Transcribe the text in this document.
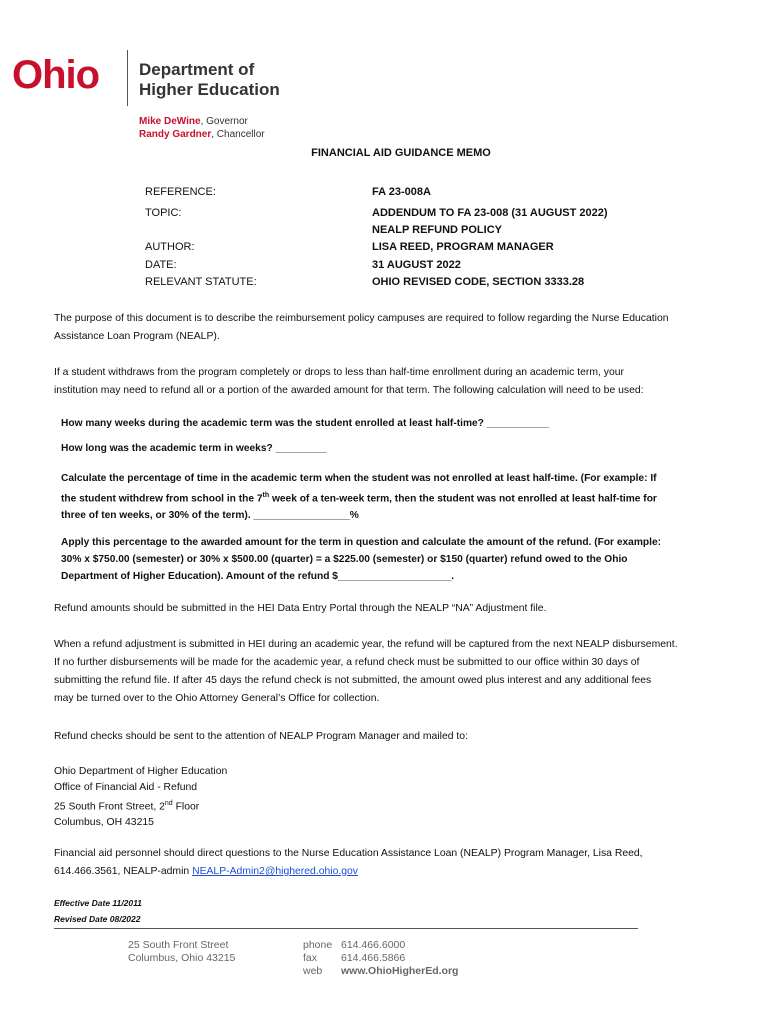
Ohio Department of
Higher Education
Mike DeWine, Governor
Randy Gardner, Chancellor
FINANCIAL AID GUIDANCE MEMO
REFERENCE:	FA 23-008A
TOPIC:	ADDENDUM TO FA 23-008 (31 AUGUST 2022)
NEALP REFUND POLICY
AUTHOR:	LISA REED, PROGRAM MANAGER
DATE:	31 AUGUST 2022
RELEVANT STATUTE:	OHIO REVISED CODE, SECTION 3333.28
The purpose of this document is to describe the reimbursement policy campuses are required to follow regarding the Nurse Education
Assistance Loan Program (NEALP).
If a student withdraws from the program completely or drops to less than half-time enrollment during an academic term, your
institution may need to refund all or a portion of the awarded amount for that term. The following calculation will need to be used:
How many weeks during the academic term was the student enrolled at least half-time? ___________
How long was the academic term in weeks? _________
Calculate the percentage of time in the academic term when the student was not enrolled at least half-time. (For example: If
the student withdrew from school in the 7th week of a ten-week term, then the student was not enrolled at least half-time for
three of ten weeks, or 30% of the term). _________________%
Apply this percentage to the awarded amount for the term in question and calculate the amount of the refund. (For example:
30% x $750.00 (semester) or 30% x $500.00 (quarter) = a $225.00 (semester) or $150 (quarter) refund owed to the Ohio
Department of Higher Education). Amount of the refund $____________________.
Refund amounts should be submitted in the HEI Data Entry Portal through the NEALP “NA” Adjustment file.
When a refund adjustment is submitted in HEI during an academic year, the refund will be captured from the next NEALP disbursement.
If no further disbursements will be made for the academic year, a refund check must be submitted to our office within 30 days of
submitting the refund file. If after 45 days the refund check is not submitted, the amount owed plus interest and any additional fees
may be turned over to the Ohio Attorney General’s Office for collection.
Refund checks should be sent to the attention of NEALP Program Manager and mailed to:
Ohio Department of Higher Education
Office of Financial Aid - Refund
25 South Front Street, 2nd Floor
Columbus, OH 43215
Financial aid personnel should direct questions to the Nurse Education Assistance Loan (NEALP) Program Manager, Lisa Reed,
614.466.3561, NEALP-admin NEALP-Admin2@highered.ohio.gov
Effective Date 11/2011
Revised Date 08/2022
25 South Front Street
Columbus, Ohio 43215
phone 614.466.6000
fax 614.466.5866
web www.OhioHigherEd.org
